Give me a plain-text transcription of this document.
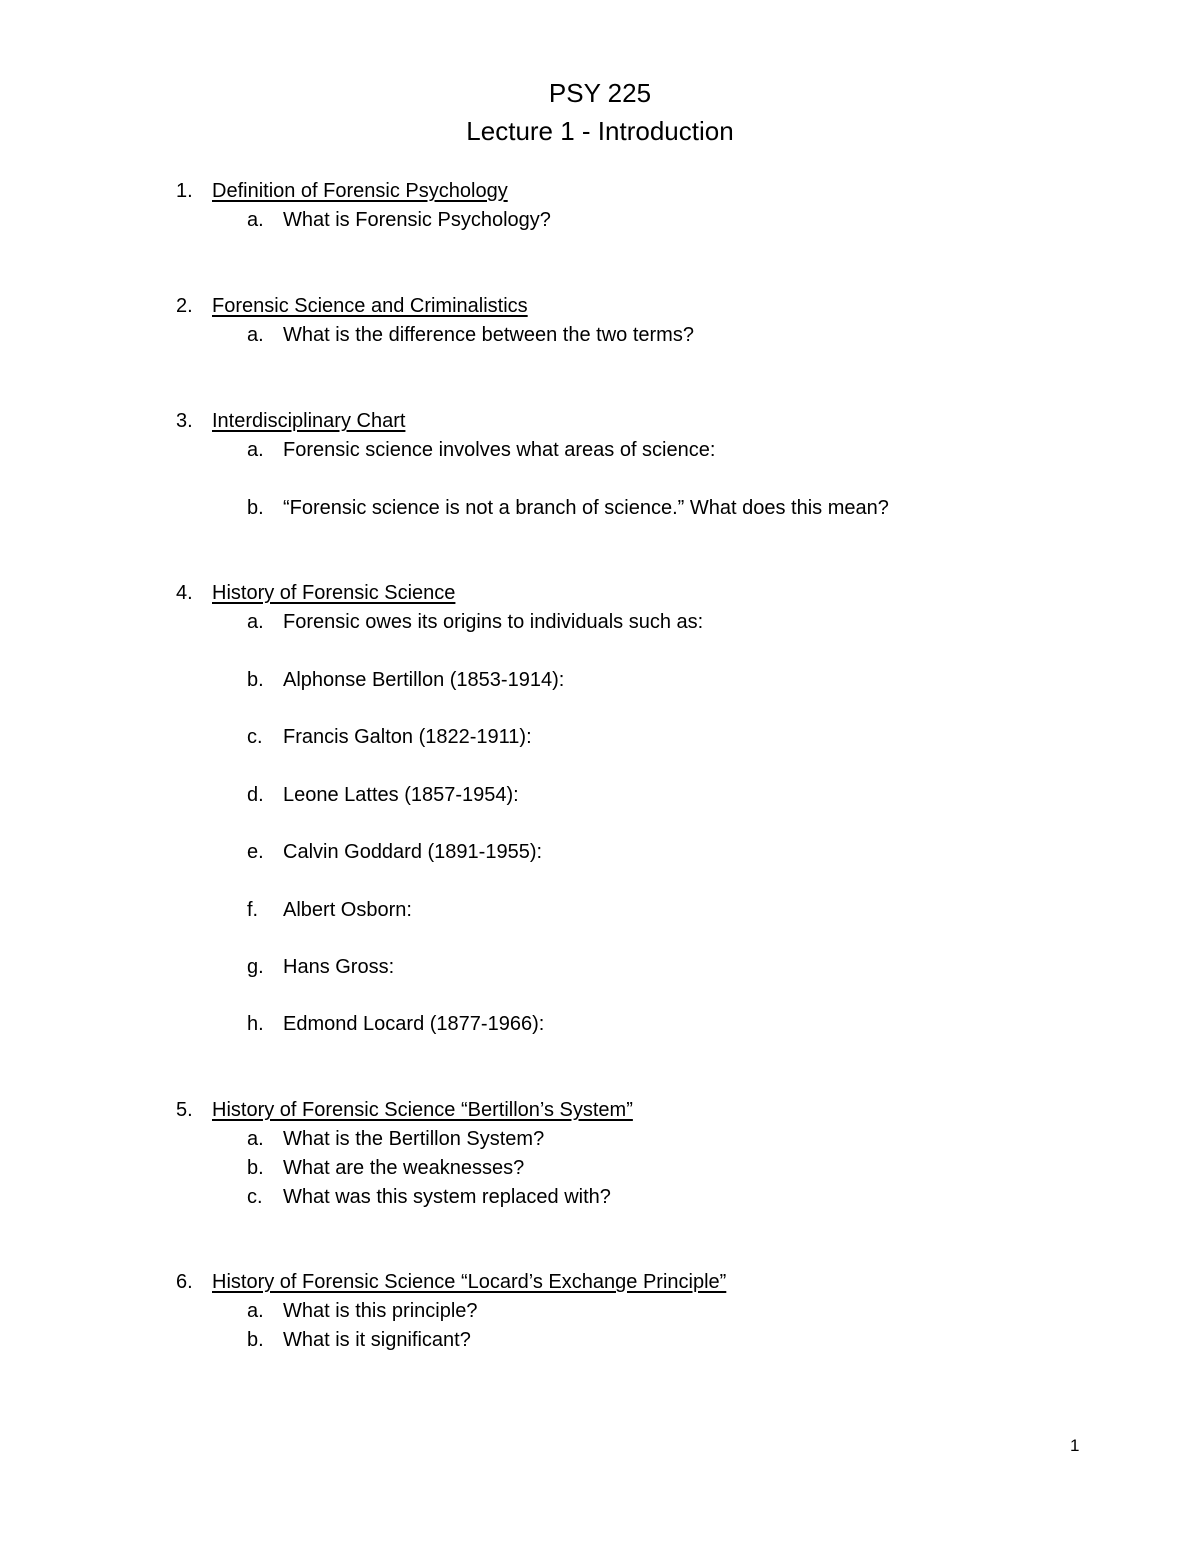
PSY 225
Lecture 1 - Introduction
1. Definition of Forensic Psychology
a. What is Forensic Psychology?
2. Forensic Science and Criminalistics
a. What is the difference between the two terms?
3. Interdisciplinary Chart
a. Forensic science involves what areas of science:
b. “Forensic science is not a branch of science.” What does this mean?
4. History of Forensic Science
a. Forensic owes its origins to individuals such as:
b. Alphonse Bertillon (1853-1914):
c. Francis Galton (1822-1911):
d. Leone Lattes (1857-1954):
e. Calvin Goddard (1891-1955):
f. Albert Osborn:
g. Hans Gross:
h. Edmond Locard (1877-1966):
5. History of Forensic Science “Bertillon’s System”
a. What is the Bertillon System?
b. What are the weaknesses?
c. What was this system replaced with?
6. History of Forensic Science “Locard’s Exchange Principle”
a. What is this principle?
b. What is it significant?
1
